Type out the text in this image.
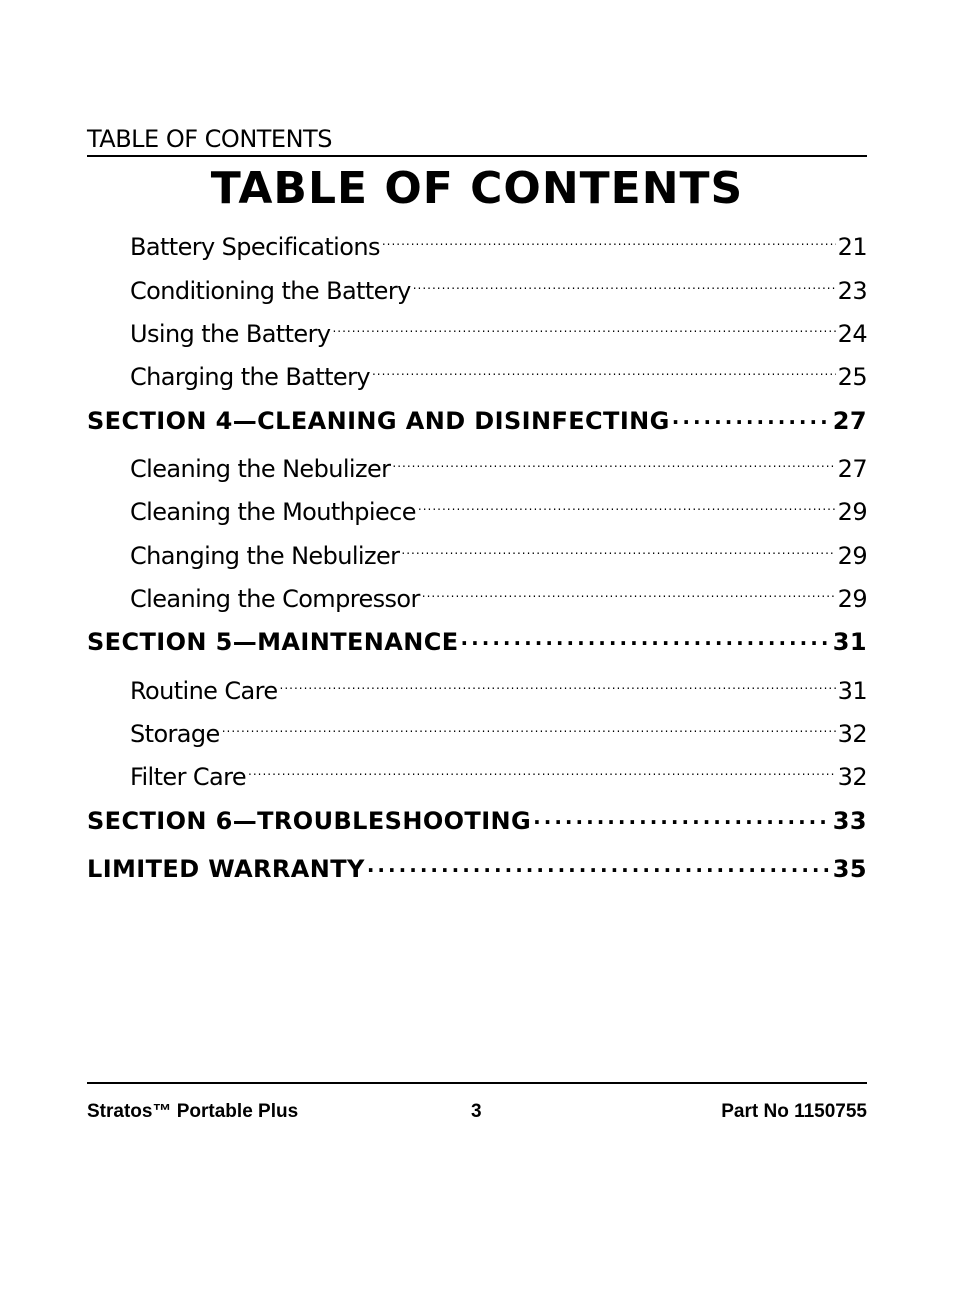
TABLE OF CONTENTS
TABLE OF CONTENTS
Battery Specifications .....	21
Conditioning the Battery .....	23
Using the Battery .....	24
Charging the Battery .....	25
SECTION 4—CLEANING AND DISINFECTING .....	27
Cleaning the Nebulizer .....	27
Cleaning the Mouthpiece .....	29
Changing the Nebulizer .....	29
Cleaning the Compressor .....	29
SECTION 5—MAINTENANCE .....	31
Routine Care .....	31
Storage .....	32
Filter Care .....	32
SECTION 6—TROUBLESHOOTING .....	33
LIMITED WARRANTY .....	35
Stratos™ Portable Plus	3	Part No 1150755
